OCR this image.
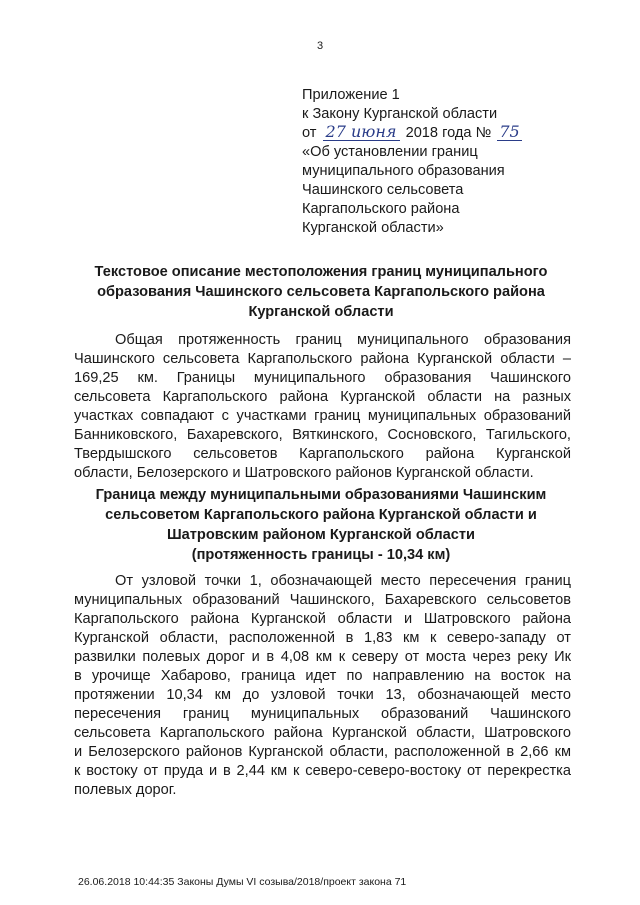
3
Приложение 1
к Закону Курганской области
от 27 июня 2018 года № 75
«Об установлении границ
муниципального образования
Чашинского сельсовета
Каргапольского района
Курганской области»
Текстовое описание местоположения границ муниципального
образования Чашинского сельсовета Каргапольского района
Курганской области
Общая протяженность границ муниципального образования
Чашинского сельсовета Каргапольского района Курганской области –
169,25 км. Границы муниципального образования Чашинского
сельсовета Каргапольского района Курганской области на разных
участках совпадают с участками границ муниципальных образований
Банниковского, Бахаревского, Вяткинского, Сосновского, Тагильского,
Твердышского сельсоветов Каргапольского района Курганской
области, Белозерского и Шатровского районов Курганской области.
Граница между муниципальными образованиями Чашинским
сельсоветом Каргапольского района Курганской области и
Шатровским районом Курганской области
(протяженность границы - 10,34 км)
От узловой точки 1, обозначающей место пересечения границ
муниципальных образований Чашинского, Бахаревского сельсоветов
Каргапольского района Курганской области и Шатровского района
Курганской области, расположенной в 1,83 км к северо-западу от
развилки полевых дорог и в 4,08 км к северу от моста через реку Ик
в урочище Хабарово, граница идет по направлению на восток на
протяжении 10,34 км до узловой точки 13, обозначающей место
пересечения границ муниципальных образований Чашинского
сельсовета Каргапольского района Курганской области, Шатровского
и Белозерского районов Курганской области, расположенной в 2,66 км
к востоку от пруда и в 2,44 км к северо-северо-востоку от перекрестка
полевых дорог.
26.06.2018 10:44:35 Законы Думы VI созыва/2018/проект закона 71
